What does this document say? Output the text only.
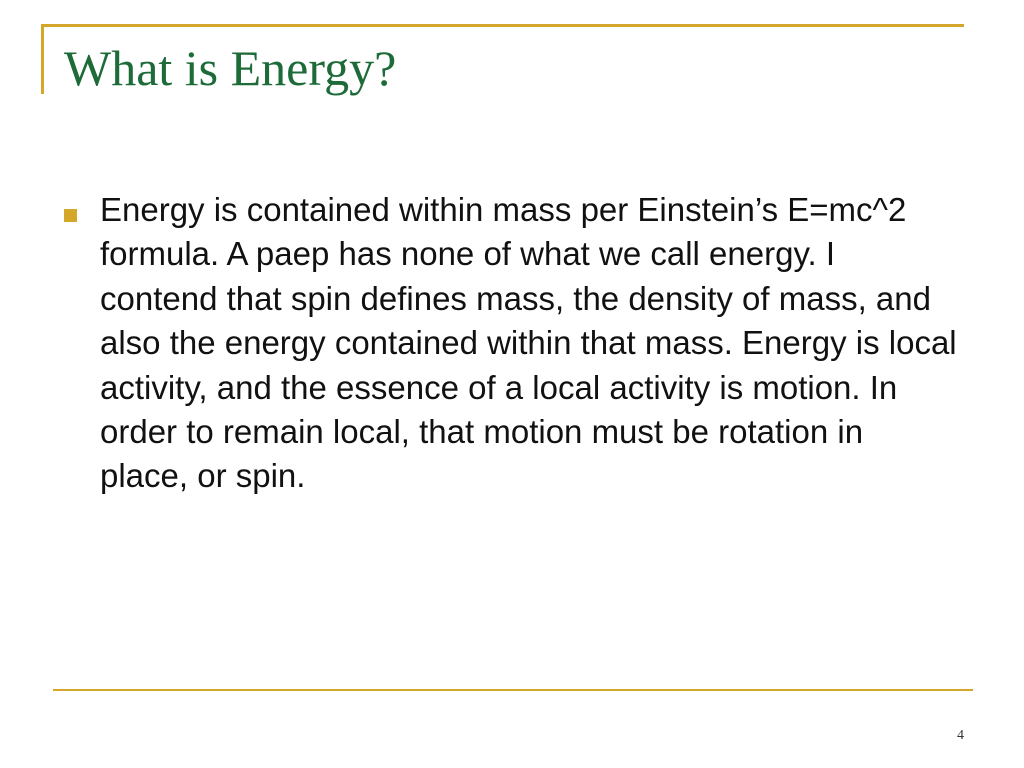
What is Energy?
Energy is contained within mass per Einstein’s E=mc^2 formula. A paep has none of what we call energy. I contend that spin defines mass, the density of mass, and also the energy contained within that mass. Energy is local activity, and the essence of a local activity is motion. In order to remain local, that motion must be rotation in place, or spin.
4
